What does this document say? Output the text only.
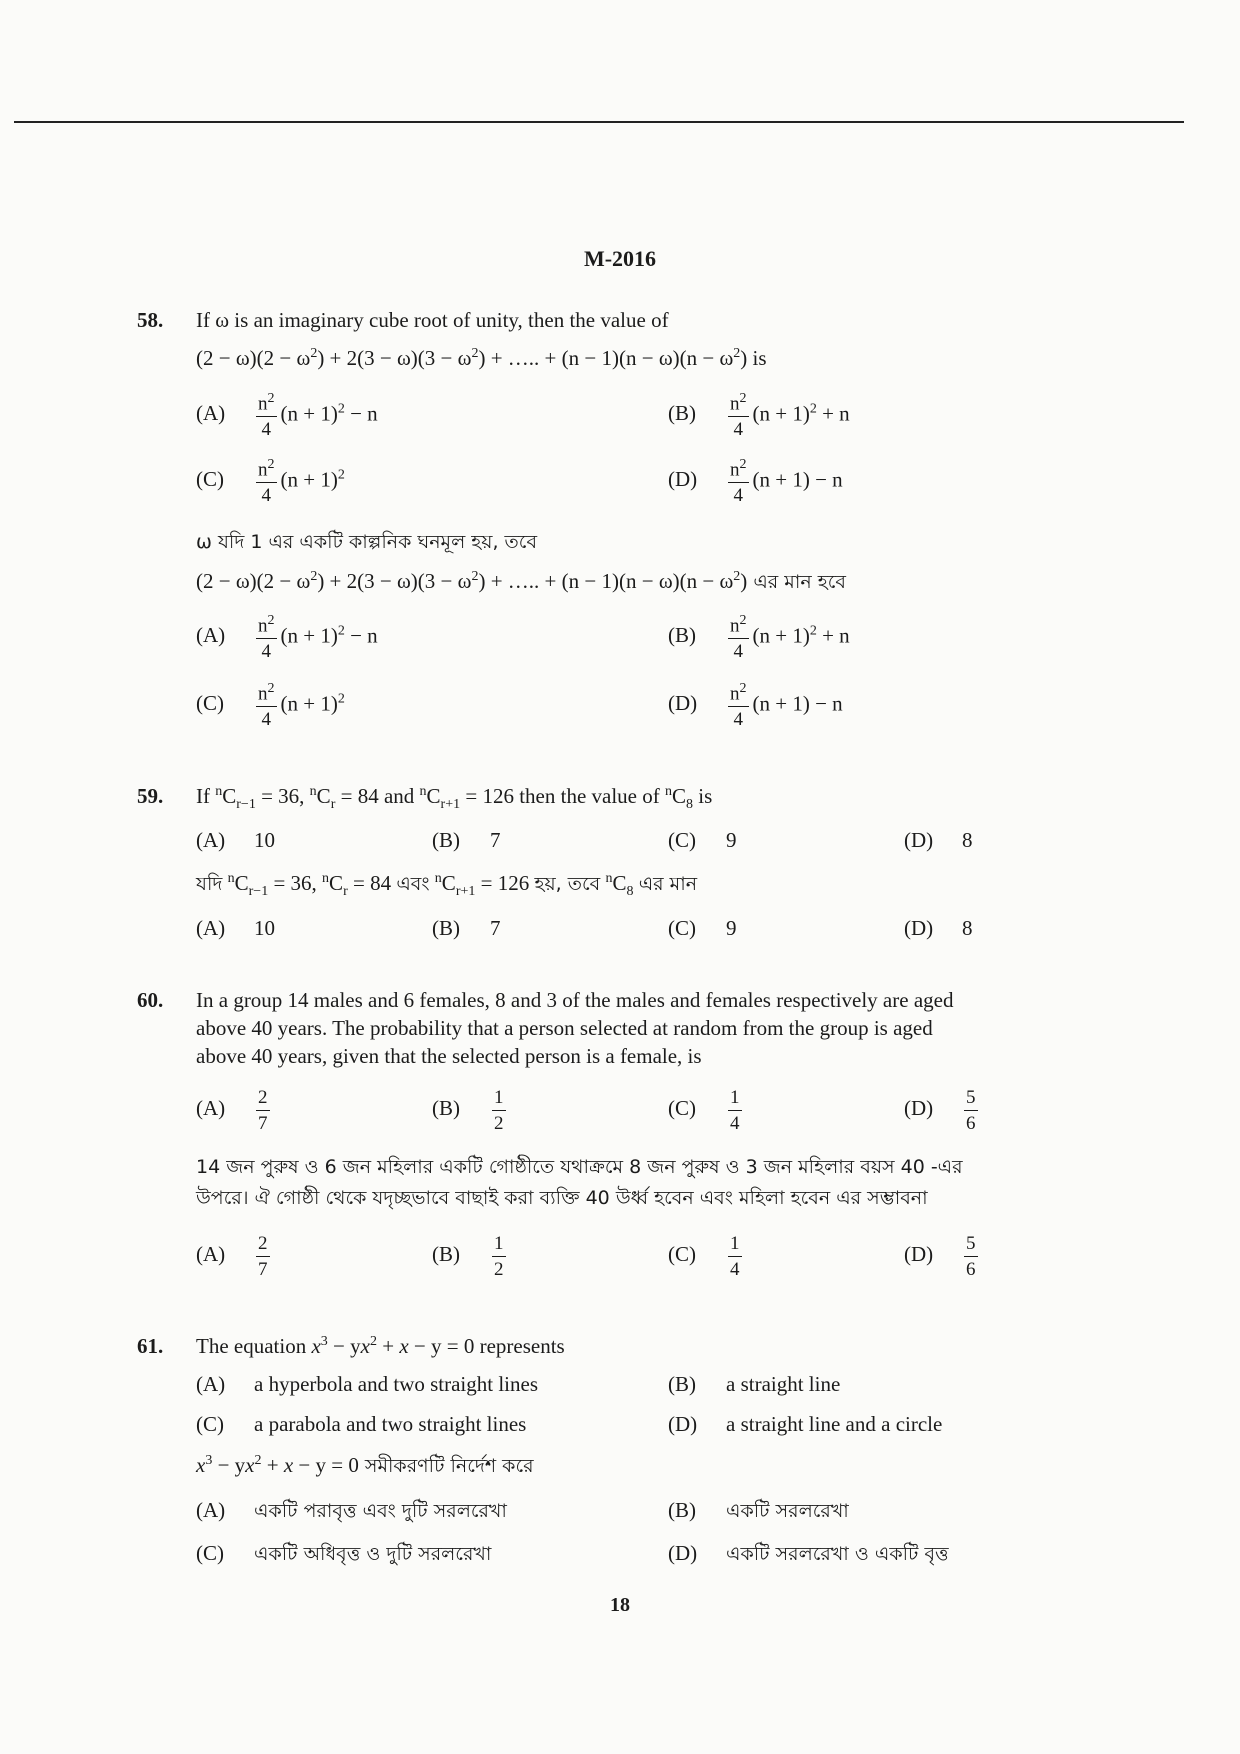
M-2016
58. If ω is an imaginary cube root of unity, then the value of
$(2 - \omega)(2 - \omega^2) + 2(3 - \omega)(3 - \omega^2)$ + ….. + $(n - 1)(n - \omega)(n - \omega^2)$ is
$(A) \frac{n^2}{4} (n + 1)^2 - n$	$(B) \frac{n^2}{4} (n + 1)^2 + n$
$(C) \frac{n^2}{4} (n + 1)^2$	$(D) \frac{n^2}{4} (n + 1) - n$
ω যদি 1 এর একটি কাল্পনিক ঘনমূল হয়, তবে
$(2 - \omega)(2 - \omega^2) + 2(3 - \omega)(3 - \omega^2)$ + ….. + $(n - 1)(n - \omega)(n - \omega^2)$ এর মান হবে
$(A) \frac{n^2}{4} (n + 1)^2 - n$	$(B) \frac{n^2}{4} (n + 1)^2 + n$
$(C) \frac{n^2}{4} (n + 1)^2$	$(D) \frac{n^2}{4} (n + 1) - n$
59. If $^nC_{r-1} = 36$, $^nC_r = 84$ and $^nC_{r+1} = 126$ then the value of $^nC_8$ is
(A) 10	(B) 7	(C) 9	(D) 8
যদি $^nC_{r-1} = 36$, $^nC_r = 84$ এবং $^nC_{r+1} = 126$ হয়, তবে $^nC_8$ এর মান
(A) 10	(B) 7	(C) 9	(D) 8
60. In a group 14 males and 6 females, 8 and 3 of the males and females respectively are aged
above 40 years. The probability that a person selected at random from the group is aged
above 40 years, given that the selected person is a female, is
$(A) \frac{2}{7}$	$(B) \frac{1}{2}$	$(C) \frac{1}{4}$	$(D) \frac{5}{6}$
14 জন পুরুষ ও 6 জন মহিলার একটি গোষ্ঠীতে যথাক্রমে 8 জন পুরুষ ও 3 জন মহিলার বয়স 40 -এর
উপরে। ঐ গোষ্ঠী থেকে যদৃচ্ছভাবে বাছাই করা ব্যক্তি 40 উর্ধ্ব হবেন এবং মহিলা হবেন এর সম্ভাবনা
$(A) \frac{2}{7}$	$(B) \frac{1}{2}$	$(C) \frac{1}{4}$	$(D) \frac{5}{6}$
61. The equation $x^3 - yx^2 + x - y = 0$ represents
(A) a hyperbola and two straight lines	(B) a straight line
(C) a parabola and two straight lines	(D) a straight line and a circle
$x^3 - yx^2 + x - y = 0$ সমীকরণটি নির্দেশ করে
(A) একটি পরাবৃত্ত এবং দুটি সরলরেখা	(B) একটি সরলরেখা
(C) একটি অধিবৃত্ত ও দুটি সরলরেখা	(D) একটি সরলরেখা ও একটি বৃত্ত
18
